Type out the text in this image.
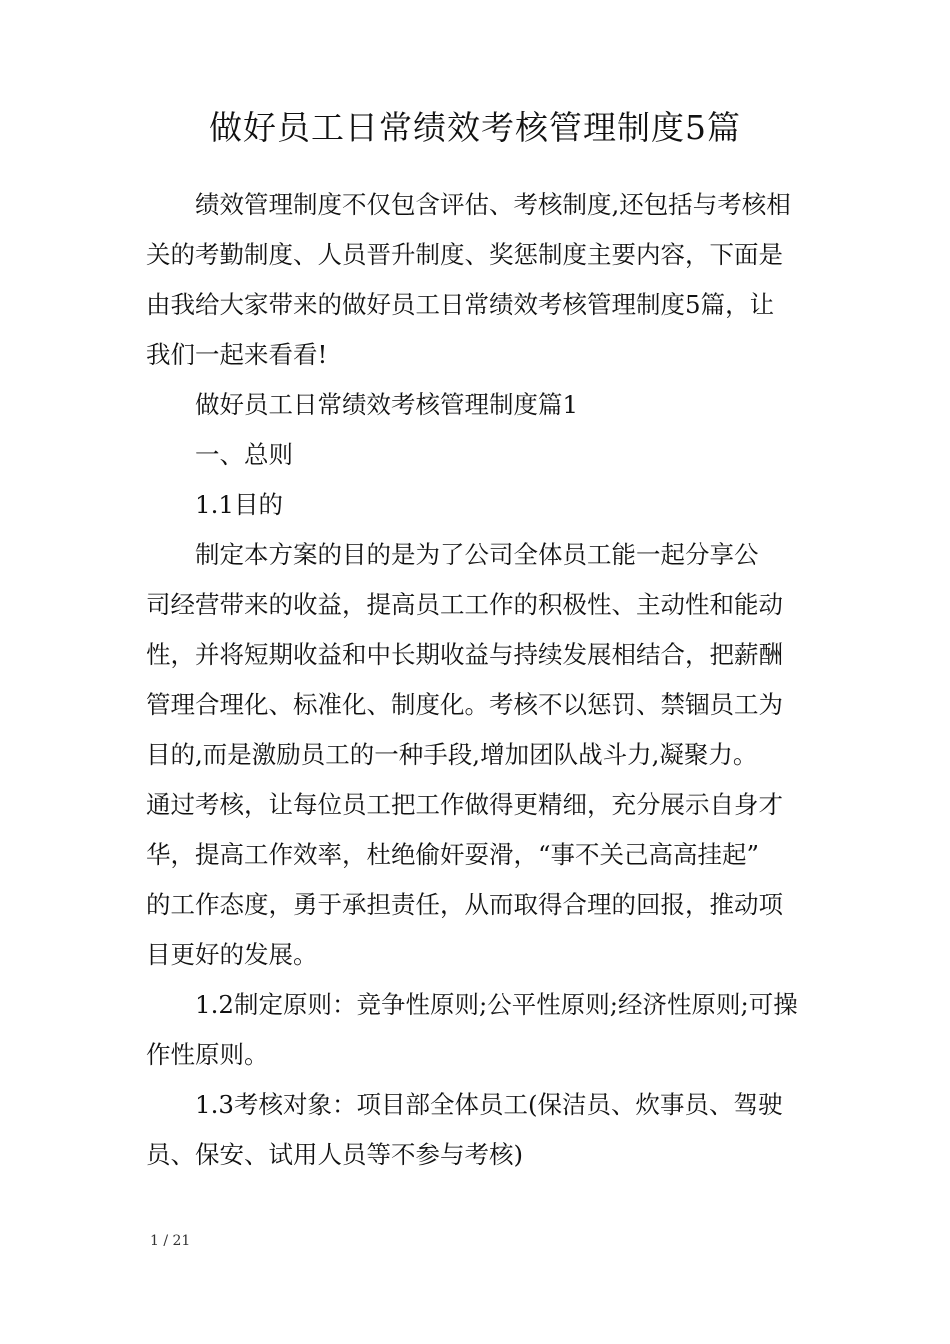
做好员工日常绩效考核管理制度5篇
绩效管理制度不仅包含评估、考核制度,还包括与考核相
关的考勤制度、人员晋升制度、奖惩制度主要内容，下面是
由我给大家带来的做好员工日常绩效考核管理制度5篇，让
我们一起来看看!
做好员工日常绩效考核管理制度篇1
一、总则
1.1目的
制定本方案的目的是为了公司全体员工能一起分享公
司经营带来的收益，提高员工工作的积极性、主动性和能动
性，并将短期收益和中长期收益与持续发展相结合，把薪酬
管理合理化、标准化、制度化。考核不以惩罚、禁锢员工为
目的,而是激励员工的一种手段,增加团队战斗力,凝聚力。
通过考核，让每位员工把工作做得更精细，充分展示自身才
华，提高工作效率，杜绝偷奸耍滑，“事不关己高高挂起”
的工作态度，勇于承担责任，从而取得合理的回报，推动项
目更好的发展。
1.2制定原则：竞争性原则;公平性原则;经济性原则;可操
作性原则。
1.3考核对象：项目部全体员工(保洁员、炊事员、驾驶
员、保安、试用人员等不参与考核)
1 / 21
